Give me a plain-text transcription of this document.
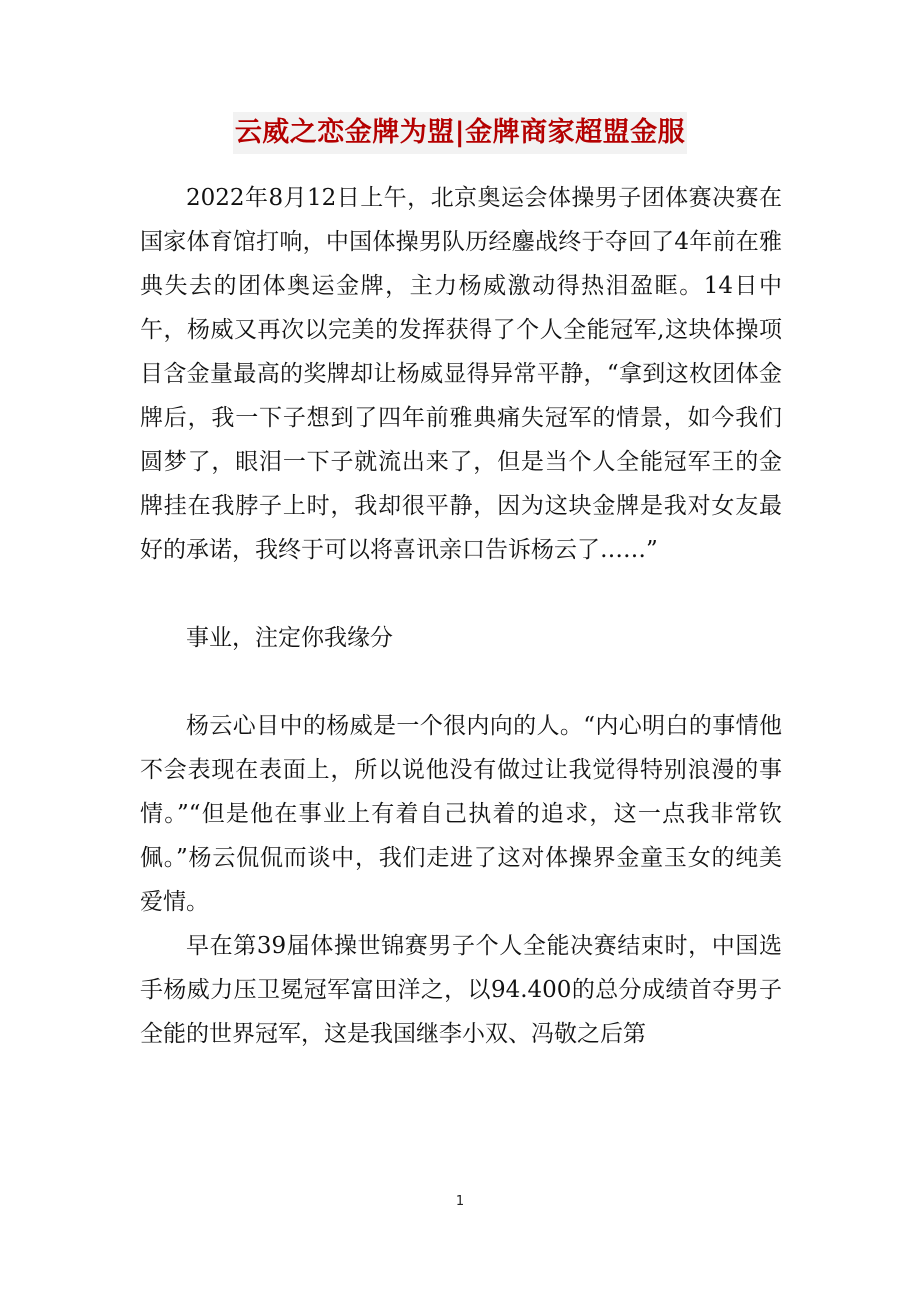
云威之恋金牌为盟|金牌商家超盟金服

2022年8月12日上午，北京奥运会体操男子团体赛决赛在国家体育馆打响，中国体操男队历经鏖战终于夺回了4年前在雅典失去的团体奥运金牌，主力杨威激动得热泪盈眶。14日中午，杨威又再次以完美的发挥获得了个人全能冠军,这块体操项目含金量最高的奖牌却让杨威显得异常平静，“拿到这枚团体金牌后，我一下子想到了四年前雅典痛失冠军的情景，如今我们圆梦了，眼泪一下子就流出来了，但是当个人全能冠军王的金牌挂在我脖子上时，我却很平静，因为这块金牌是我对女友最好的承诺，我终于可以将喜讯亲口告诉杨云了……”

事业，注定你我缘分

杨云心目中的杨威是一个很内向的人。“内心明白的事情他不会表现在表面上，所以说他没有做过让我觉得特别浪漫的事情。”“但是他在事业上有着自己执着的追求，这一点我非常钦佩。”杨云侃侃而谈中，我们走进了这对体操界金童玉女的纯美爱情。

早在第39届体操世锦赛男子个人全能决赛结束时，中国选手杨威力压卫冕冠军富田洋之，以94.400的总分成绩首夺男子全能的世界冠军，这是我国继李小双、冯敬之后第

1
